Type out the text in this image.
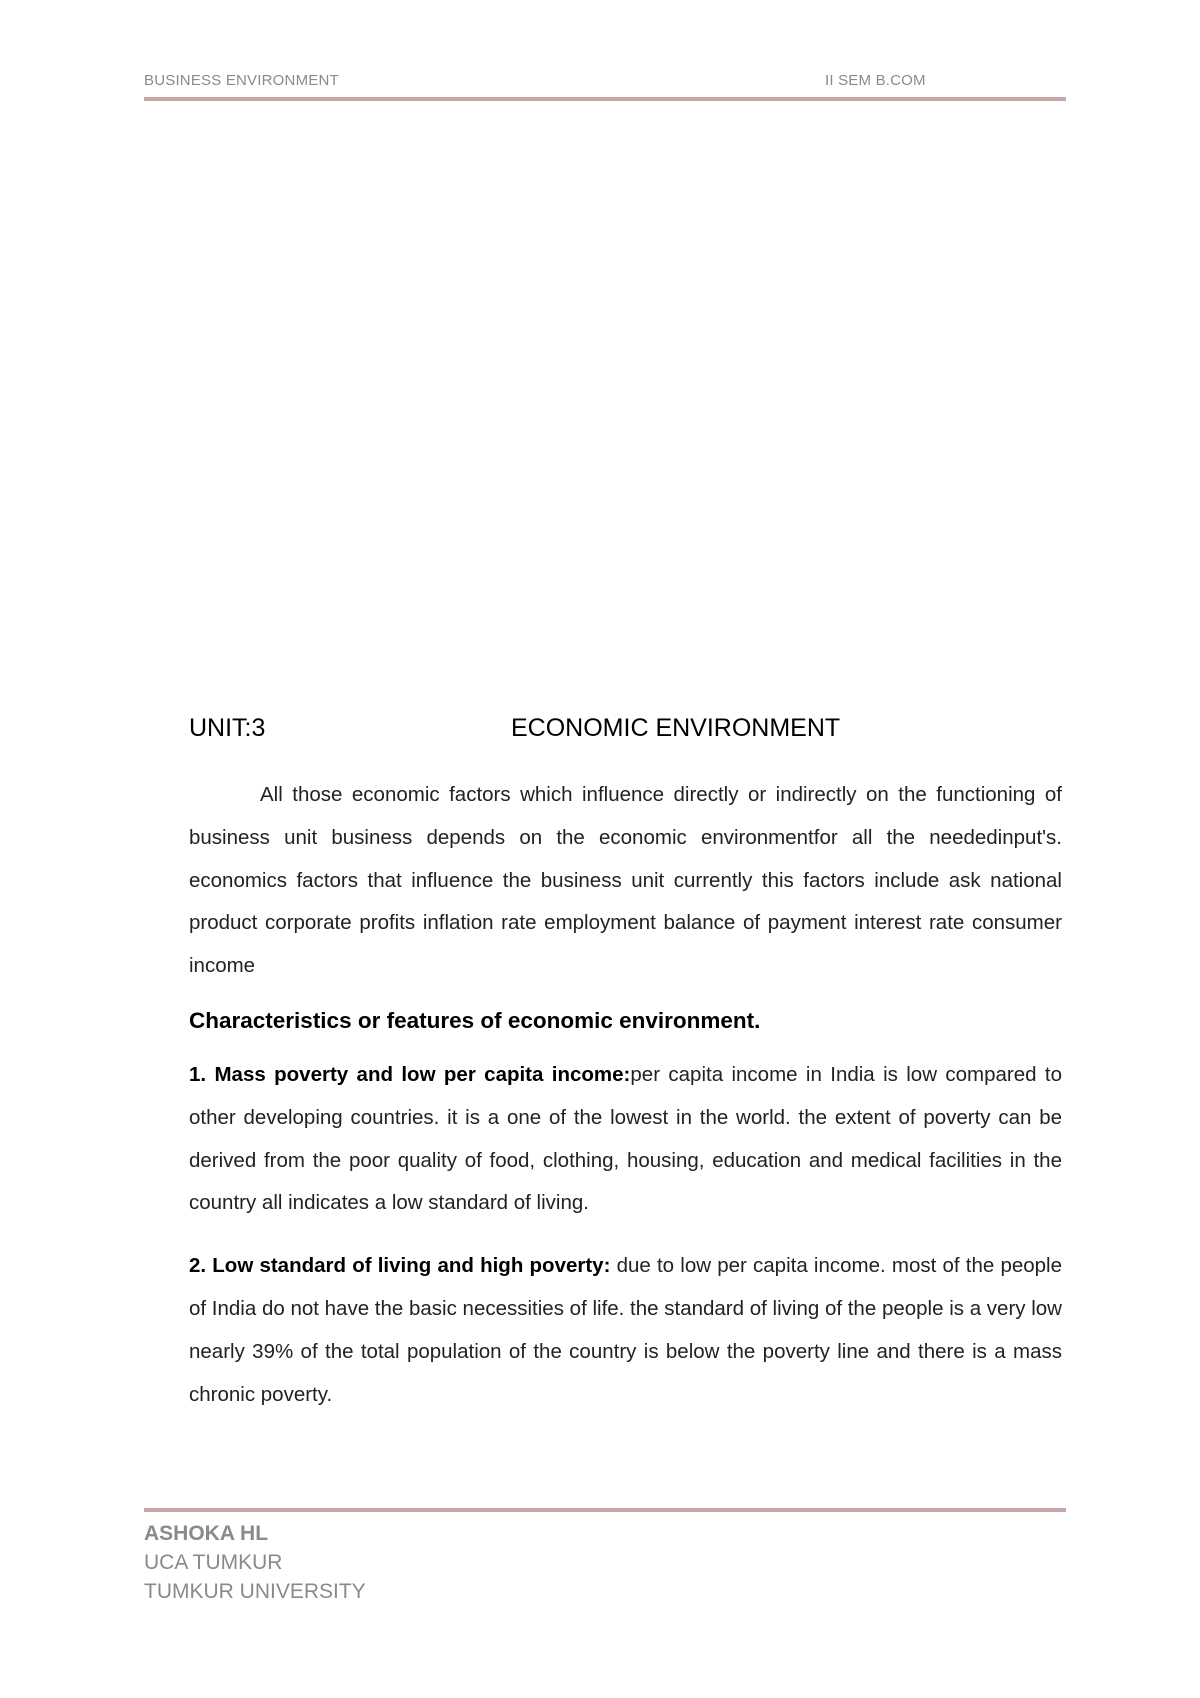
BUSINESS ENVIRONMENT	II SEM B.COM
UNIT:3	ECONOMIC ENVIRONMENT

All those economic factors which influence directly or indirectly on the functioning of business unit business depends on the economic environmentfor all the neededinput's. economics factors that influence the business unit currently this factors include ask national product corporate profits inflation rate employment balance of payment interest rate consumer income

Characteristics or features of economic environment.

1. Mass poverty and low per capita income:per capita income in India is low compared to other developing countries. it is a one of the lowest in the world. the extent of poverty can be derived from the poor quality of food, clothing, housing, education and medical facilities in the country all indicates a low standard of living.

2. Low standard of living and high poverty: due to low per capita income. most of the people of India do not have the basic necessities of life. the standard of living of the people is a very low nearly 39% of the total population of the country is below the poverty line and there is a mass chronic poverty.

ASHOKA HL
UCA TUMKUR
TUMKUR UNIVERSITY
